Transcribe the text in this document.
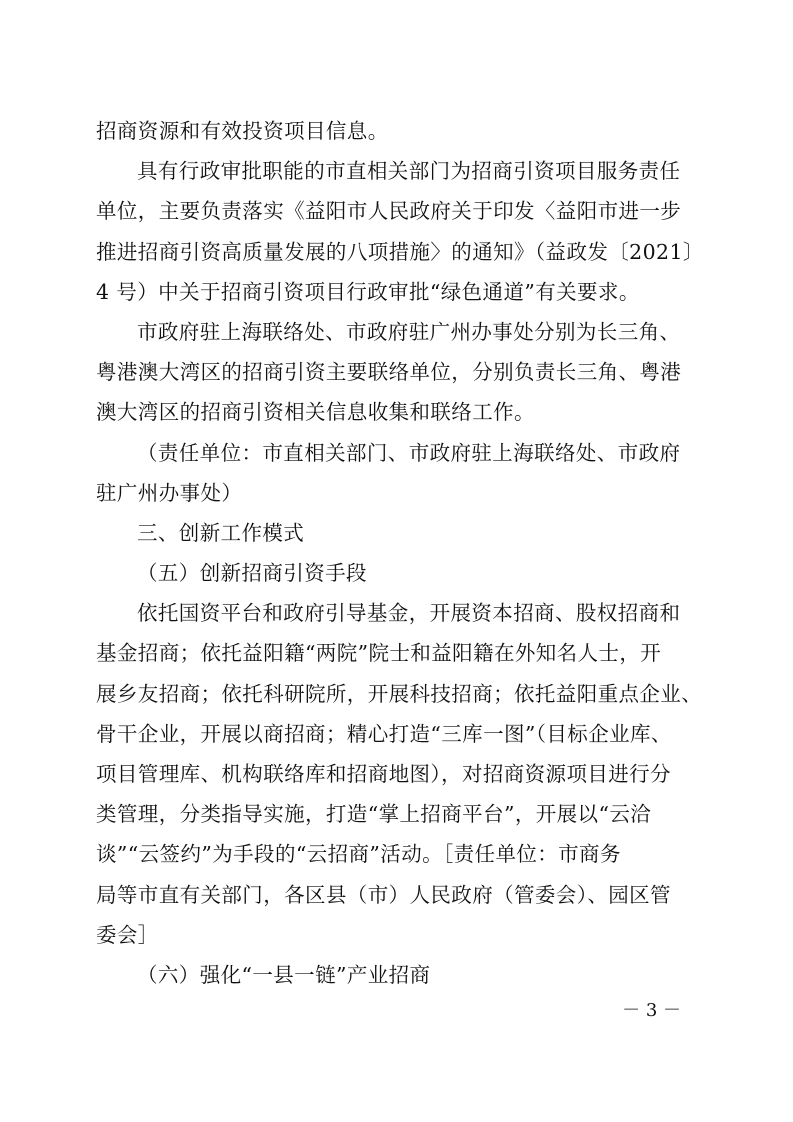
招商资源和有效投资项目信息。
具有行政审批职能的市直相关部门为招商引资项目服务责任
单位，主要负责落实《益阳市人民政府关于印发〈益阳市进一步
推进招商引资高质量发展的八项措施〉的通知》（益政发〔2021〕
4 号）中关于招商引资项目行政审批“绿色通道”有关要求。
市政府驻上海联络处、市政府驻广州办事处分别为长三角、
粤港澳大湾区的招商引资主要联络单位，分别负责长三角、粤港
澳大湾区的招商引资相关信息收集和联络工作。
（责任单位：市直相关部门、市政府驻上海联络处、市政府
驻广州办事处）
三、创新工作模式
（五）创新招商引资手段
依托国资平台和政府引导基金，开展资本招商、股权招商和
基金招商；依托益阳籍“两院”院士和益阳籍在外知名人士，开
展乡友招商；依托科研院所，开展科技招商；依托益阳重点企业、
骨干企业，开展以商招商；精心打造“三库一图”（目标企业库、
项目管理库、机构联络库和招商地图），对招商资源项目进行分
类管理，分类指导实施，打造“掌上招商平台”，开展以“云洽
谈”“云签约”为手段的“云招商”活动。［责任单位：市商务
局等市直有关部门，各区县（市）人民政府（管委会）、园区管
委会］
（六）强化“一县一链”产业招商
－ 3 －
